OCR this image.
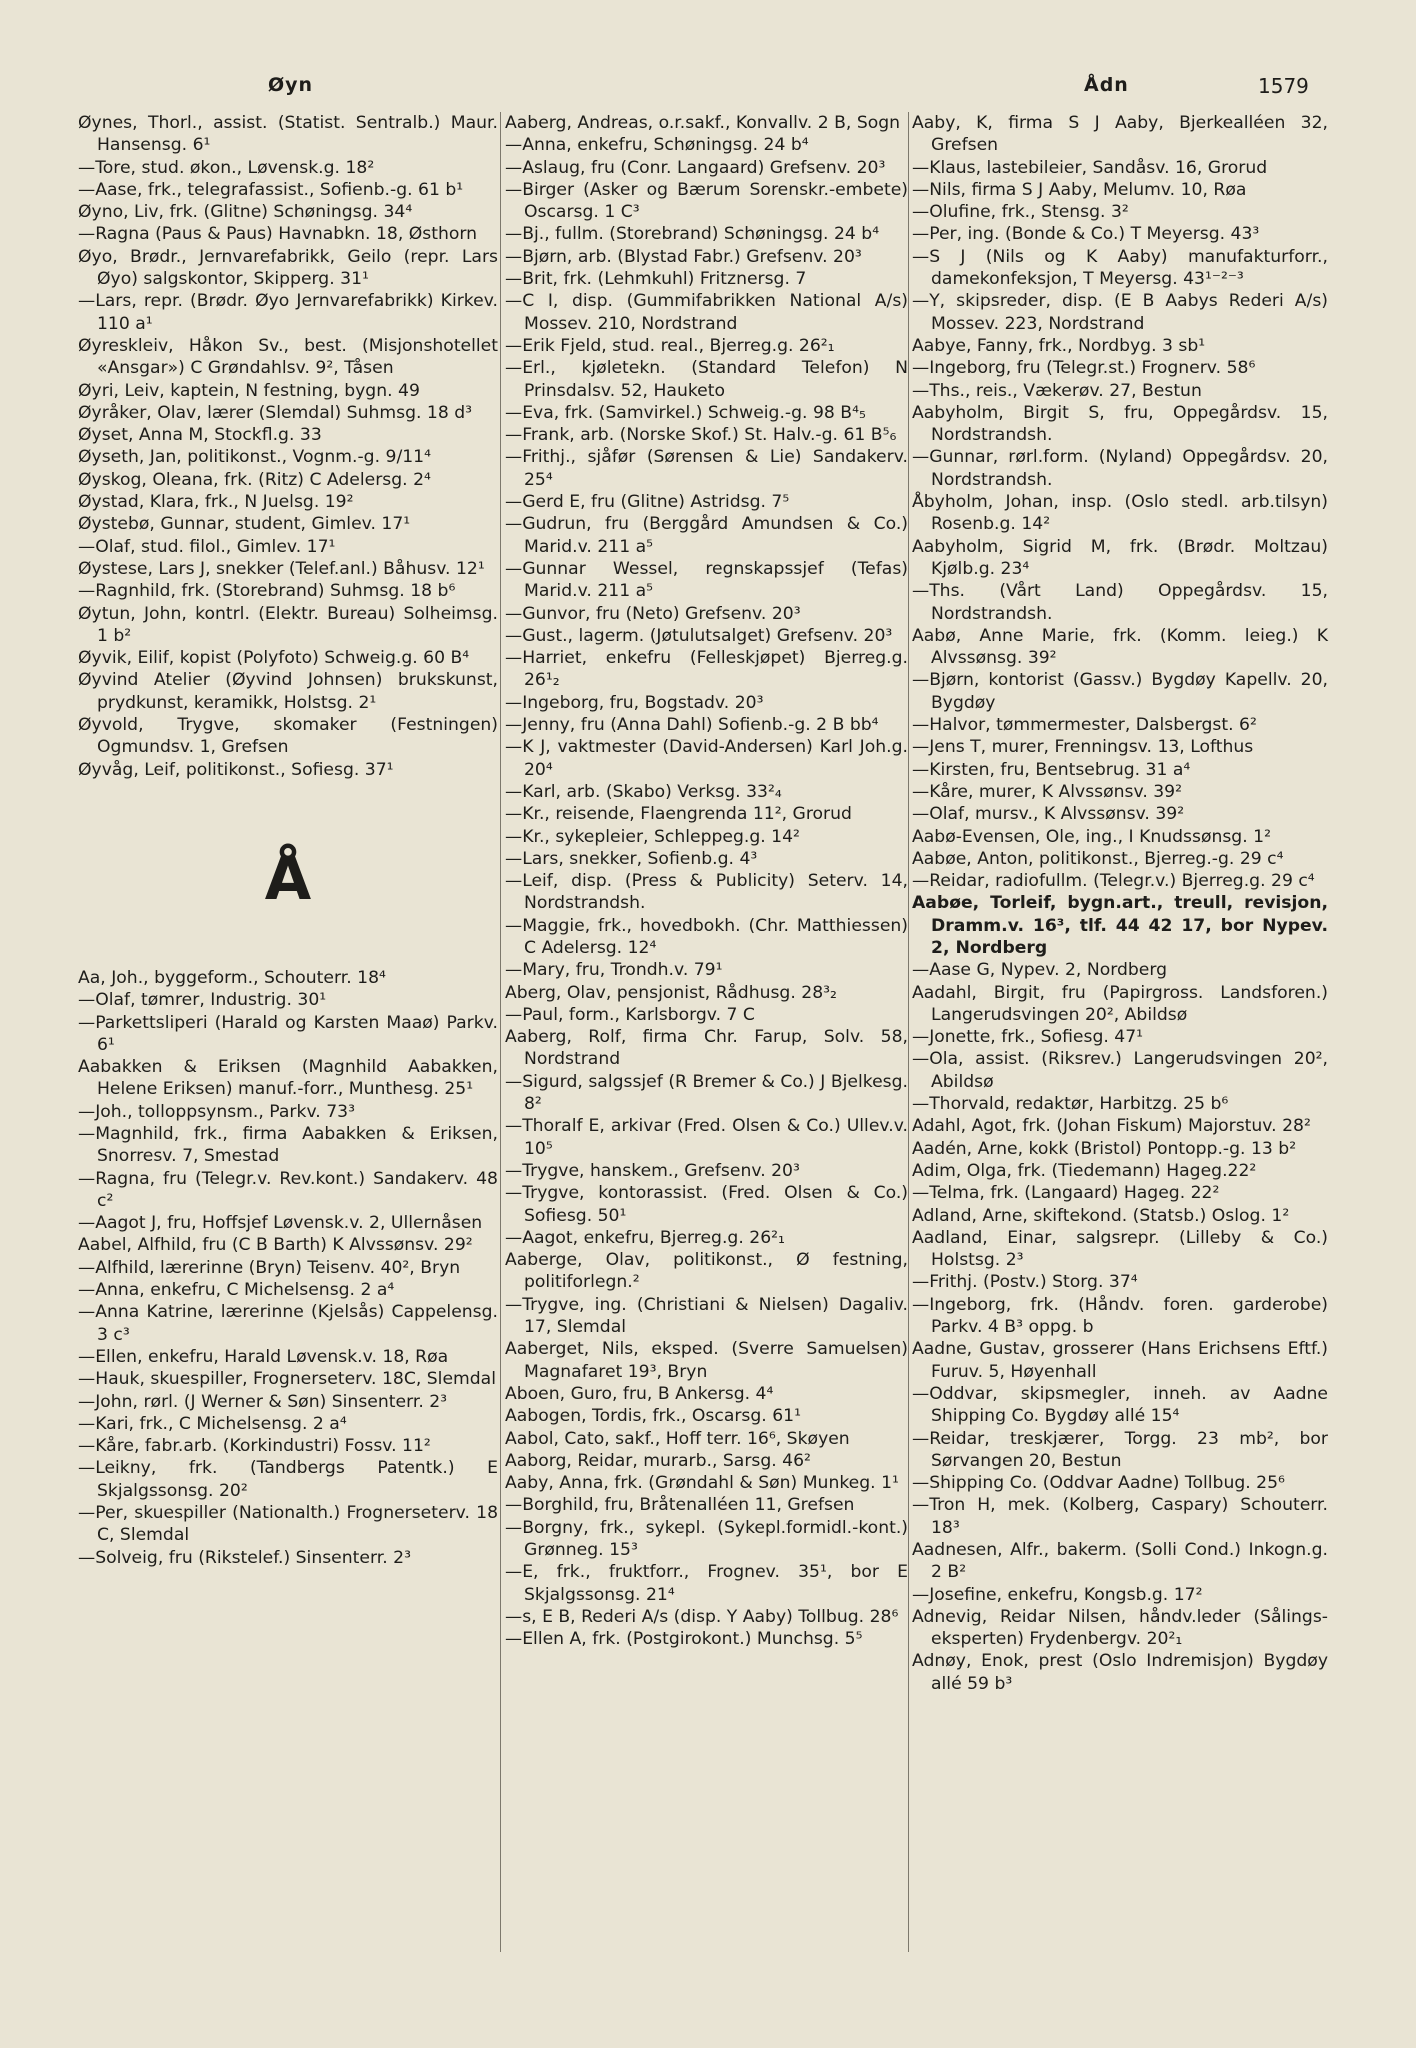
Øyn	Ådn	1579
Øynes, Thorl., assist. (Statist. Sentralb.) Maur. Hansensg. 6¹
—Tore, stud. økon., Løvensk.g. 18²
—Aase, frk., telegrafassist., Sofienb.-g. 61 b¹
Øyno, Liv, frk. (Glitne) Schøningsg. 34⁴
—Ragna (Paus & Paus) Havnabkn. 18, Østhorn
Øyo, Brødr., Jernvarefabrikk, Geilo (repr. Lars Øyo) salgskontor, Skipperg. 31¹
—Lars, repr. (Brødr. Øyo Jernvarefabrikk) Kirkev. 110 a¹
Øyreskleiv, Håkon Sv., best. (Misjonshotellet «Ansgar») C Grøndahlsv. 9², Tåsen
Øyri, Leiv, kaptein, N festning, bygn. 49
Øyråker, Olav, lærer (Slemdal) Suhmsg. 18 d³
Øyset, Anna M, Stockfl.g. 33
Øyseth, Jan, politikonst., Vognm.-g. 9/11⁴
Øyskog, Oleana, frk. (Ritz) C Adelersg. 2⁴
Øystad, Klara, frk., N Juelsg. 19²
Øystebø, Gunnar, student, Gimlev. 17¹
—Olaf, stud. filol., Gimlev. 17¹
Øystese, Lars J, snekker (Telef.anl.) Båhusv. 12¹
—Ragnhild, frk. (Storebrand) Suhmsg. 18 b⁶
Øytun, John, kontrl. (Elektr. Bureau) Solheimsg. 1 b²
Øyvik, Eilif, kopist (Polyfoto) Schweig.g. 60 B⁴
Øyvind Atelier (Øyvind Johnsen) brukskunst, prydkunst, keramikk, Holstsg. 2¹
Øyvold, Trygve, skomaker (Festningen) Ogmundsv. 1, Grefsen
Øyvåg, Leif, politikonst., Sofiesg. 37¹
Å
Aa, Joh., byggeform., Schouterr. 18⁴
—Olaf, tømrer, Industrig. 30¹
—Parkettsliperi (Harald og Karsten Maaø) Parkv. 6¹
Aabakken & Eriksen (Magnhild Aabakken, Helene Eriksen) manuf.-forr., Munthesg. 25¹
—Joh., tolloppsynsm., Parkv. 73³
—Magnhild, frk., firma Aabakken & Eriksen, Snorresv. 7, Smestad
—Ragna, fru (Telegr.v. Rev.kont.) Sandakerv. 48 c²
—Aagot J, fru, Hoffsjef Løvensk.v. 2, Ullernåsen
Aabel, Alfhild, fru (C B Barth) K Alvssønsv. 29²
—Alfhild, lærerinne (Bryn) Teisenv. 40², Bryn
—Anna, enkefru, C Michelsensg. 2 a⁴
—Anna Katrine, lærerinne (Kjelsås) Cappelensg. 3 c³
—Ellen, enkefru, Harald Løvensk.v. 18, Røa
—Hauk, skuespiller, Frognerseterv. 18C, Slemdal
—John, rørl. (J Werner & Søn) Sinsenterr. 2³
—Kari, frk., C Michelsensg. 2 a⁴
—Kåre, fabr.arb. (Korkindustri) Fossv. 11²
—Leikny, frk. (Tandbergs Patentk.) E Skjalgssonsg. 20²
—Per, skuespiller (Nationalth.) Frognerseterv. 18 C, Slemdal
—Solveig, fru (Rikstelef.) Sinsenterr. 2³
Aaberg, Andreas, o.r.sakf., Konvallv. 2 B, Sogn
—Anna, enkefru, Schøningsg. 24 b⁴
—Aslaug, fru (Conr. Langaard) Grefsenv. 20³
—Birger (Asker og Bærum Sorenskr.-embete) Oscarsg. 1 C³
—Bj., fullm. (Storebrand) Schøningsg. 24 b⁴
—Bjørn, arb. (Blystad Fabr.) Grefsenv. 20³
—Brit, frk. (Lehmkuhl) Fritznersg. 7
—C I, disp. (Gummifabrikken National A/s) Mossev. 210, Nordstrand
—Erik Fjeld, stud. real., Bjerreg.g. 26²₁
—Erl., kjøletekn. (Standard Telefon) N Prinsdalsv. 52, Hauketo
—Eva, frk. (Samvirkel.) Schweig.-g. 98 B⁴₅
—Frank, arb. (Norske Skof.) St. Halv.-g. 61 B⁵₆
—Frithj., sjåfør (Sørensen & Lie) Sandakerv. 25⁴
—Gerd E, fru (Glitne) Astridsg. 7⁵
—Gudrun, fru (Berggård Amundsen & Co.) Marid.v. 211 a⁵
—Gunnar Wessel, regnskapssjef (Tefas) Marid.v. 211 a⁵
—Gunvor, fru (Neto) Grefsenv. 20³
—Gust., lagerm. (Jøtulutsalget) Grefsenv. 20³
—Harriet, enkefru (Felleskjøpet) Bjerreg.g. 26¹₂
—Ingeborg, fru, Bogstadv. 20³
—Jenny, fru (Anna Dahl) Sofienb.-g. 2 B bb⁴
—K J, vaktmester (David-Andersen) Karl Joh.g. 20⁴
—Karl, arb. (Skabo) Verksg. 33²₄
—Kr., reisende, Flaengrenda 11², Grorud
—Kr., sykepleier, Schleppeg.g. 14²
—Lars, snekker, Sofienb.g. 4³
—Leif, disp. (Press & Publicity) Seterv. 14, Nordstrandsh.
—Maggie, frk., hovedbokh. (Chr. Matthiessen) C Adelersg. 12⁴
—Mary, fru, Trondh.v. 79¹
Aberg, Olav, pensjonist, Rådhusg. 28³₂
—Paul, form., Karlsborgv. 7 C
Aaberg, Rolf, firma Chr. Farup, Solv. 58, Nordstrand
—Sigurd, salgssjef (R Bremer & Co.) J Bjelkesg. 8²
—Thoralf E, arkivar (Fred. Olsen & Co.) Ullev.v. 10⁵
—Trygve, hanskem., Grefsenv. 20³
—Trygve, kontorassist. (Fred. Olsen & Co.) Sofiesg. 50¹
—Aagot, enkefru, Bjerreg.g. 26²₁
Aaberge, Olav, politikonst., Ø festning, politiforlegn.²
—Trygve, ing. (Christiani & Nielsen) Dagaliv. 17, Slemdal
Aaberget, Nils, eksped. (Sverre Samuelsen) Magnafaret 19³, Bryn
Aboen, Guro, fru, B Ankersg. 4⁴
Aabogen, Tordis, frk., Oscarsg. 61¹
Aabol, Cato, sakf., Hoff terr. 16⁶, Skøyen
Aaborg, Reidar, murarb., Sarsg. 46²
Aaby, Anna, frk. (Grøndahl & Søn) Munkeg. 1¹
—Borghild, fru, Bråtenalléen 11, Grefsen
—Borgny, frk., sykepl. (Sykepl.formidl.-kont.) Grønneg. 15³
—E, frk., fruktforr., Frognev. 35¹, bor E Skjalgssonsg. 21⁴
—s, E B, Rederi A/s (disp. Y Aaby) Tollbug. 28⁶
—Ellen A, frk. (Postgirokont.) Munchsg. 5⁵
Aaby, K, firma S J Aaby, Bjerkealléen 32, Grefsen
—Klaus, lastebileier, Sandåsv. 16, Grorud
—Nils, firma S J Aaby, Melumv. 10, Røa
—Olufine, frk., Stensg. 3²
—Per, ing. (Bonde & Co.) T Meyersg. 43³
—S J (Nils og K Aaby) manufakturforr., damekonfeksjon, T Meyersg. 43¹⁻²⁻³
—Y, skipsreder, disp. (E B Aabys Rederi A/s) Mossev. 223, Nordstrand
Aabye, Fanny, frk., Nordbyg. 3 sb¹
—Ingeborg, fru (Telegr.st.) Frognerv. 58⁶
—Ths., reis., Vækerøv. 27, Bestun
Aabyholm, Birgit S, fru, Oppegårdsv. 15, Nordstrandsh.
—Gunnar, rørl.form. (Nyland) Oppegårdsv. 20, Nordstrandsh.
Åbyholm, Johan, insp. (Oslo stedl. arb.tilsyn) Rosenb.g. 14²
Aabyholm, Sigrid M, frk. (Brødr. Moltzau) Kjølb.g. 23⁴
—Ths. (Vårt Land) Oppegårdsv. 15, Nordstrandsh.
Aabø, Anne Marie, frk. (Komm. leieg.) K Alvssønsg. 39²
—Bjørn, kontorist (Gassv.) Bygdøy Kapellv. 20, Bygdøy
—Halvor, tømmermester, Dalsbergst. 6²
—Jens T, murer, Frenningsv. 13, Lofthus
—Kirsten, fru, Bentsebrug. 31 a⁴
—Kåre, murer, K Alvssønsv. 39²
—Olaf, mursv., K Alvssønsv. 39²
Aabø-Evensen, Ole, ing., I Knudssønsg. 1²
Aabøe, Anton, politikonst., Bjerreg.-g. 29 c⁴
—Reidar, radiofullm. (Telegr.v.) Bjerreg.g. 29 c⁴
Aabøe, Torleif, bygn.art., treull, revisjon, Dramm.v. 16³, tlf. 44 42 17, bor Nypev. 2, Nordberg
—Aase G, Nypev. 2, Nordberg
Aadahl, Birgit, fru (Papirgross. Landsforen.) Langerudsvingen 20², Abildsø
—Jonette, frk., Sofiesg. 47¹
—Ola, assist. (Riksrev.) Langerudsvingen 20², Abildsø
—Thorvald, redaktør, Harbitzg. 25 b⁶
Adahl, Agot, frk. (Johan Fiskum) Majorstuv. 28²
Aadén, Arne, kokk (Bristol) Pontopp.-g. 13 b²
Adim, Olga, frk. (Tiedemann) Hageg.22²
—Telma, frk. (Langaard) Hageg. 22²
Adland, Arne, skiftekond. (Statsb.) Oslog. 1²
Aadland, Einar, salgsrepr. (Lilleby & Co.) Holstsg. 2³
—Frithj. (Postv.) Storg. 37⁴
—Ingeborg, frk. (Håndv. foren. garderobe) Parkv. 4 B³ oppg. b
Aadne, Gustav, grosserer (Hans Erichsens Eftf.) Furuv. 5, Høyenhall
—Oddvar, skipsmegler, inneh. av Aadne Shipping Co. Bygdøy allé 15⁴
—Reidar, treskjærer, Torgg. 23 mb², bor Sørvangen 20, Bestun
—Shipping Co. (Oddvar Aadne) Tollbug. 25⁶
—Tron H, mek. (Kolberg, Caspary) Schouterr. 18³
Aadnesen, Alfr., bakerm. (Solli Cond.) Inkogn.g. 2 B²
—Josefine, enkefru, Kongsb.g. 17²
Adnevig, Reidar Nilsen, håndv.leder (Sålings-eksperten) Frydenbergv. 20²₁
Adnøy, Enok, prest (Oslo Indremisjon) Bygdøy allé 59 b³
